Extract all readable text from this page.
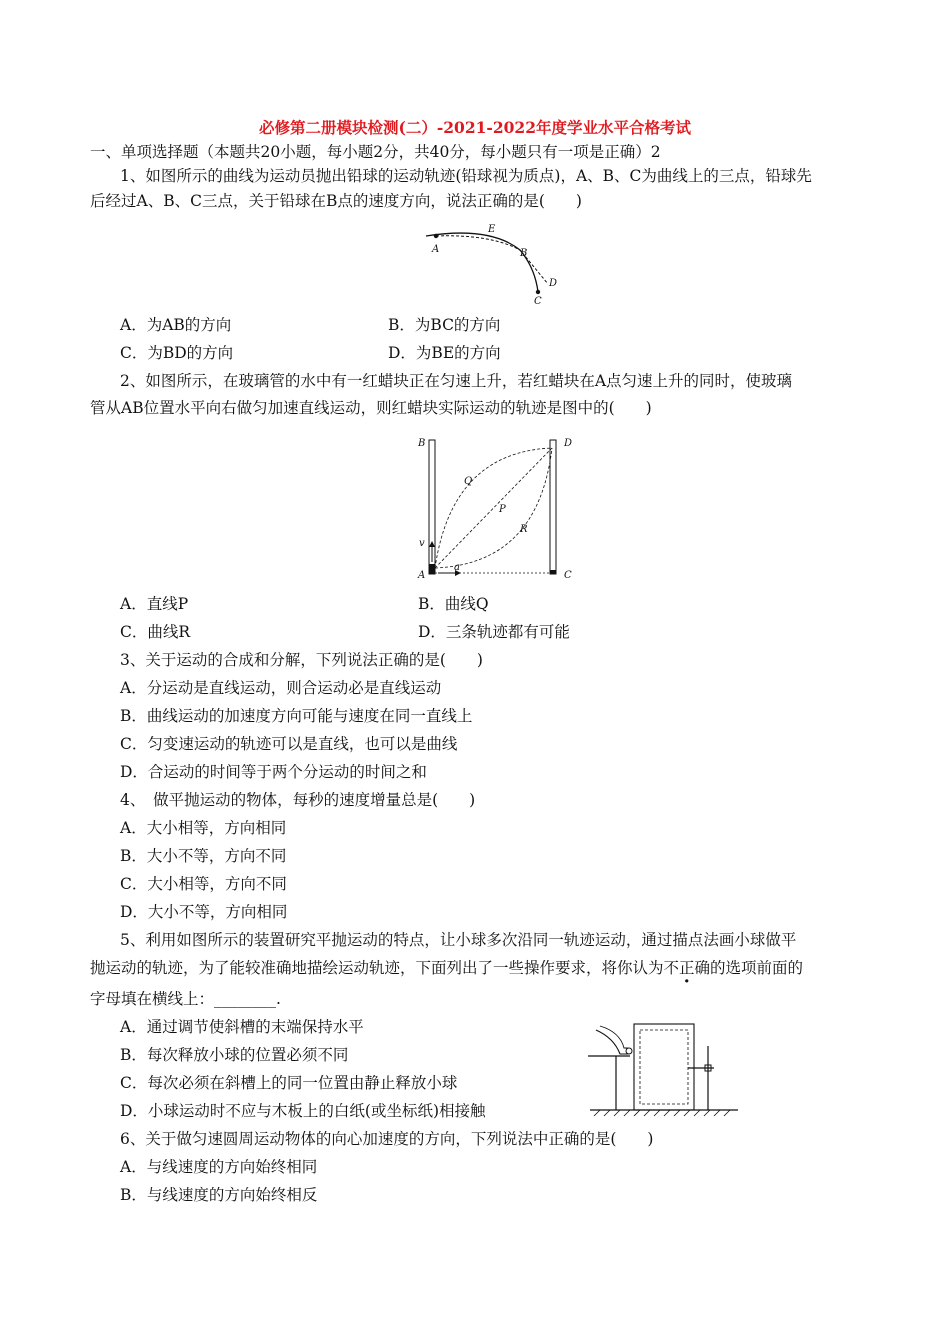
必修第二册模块检测(二）-2021-2022年度学业水平合格考试
一、单项选择题（本题共20小题，每小题2分，共40分，每小题只有一项是正确）2
1、如图所示的曲线为运动员抛出铅球的运动轨迹(铅球视为质点)，A、B、C为曲线上的三点，铅球先
后经过A、B、C三点，关于铅球在B点的速度方向，说法正确的是(　　)
A
E
B
D
C
A．为AB的方向	B．为BC的方向
C．为BD的方向	D．为BE的方向
2、如图所示，在玻璃管的水中有一红蜡块正在匀速上升，若红蜡块在A点匀速上升的同时，使玻璃
管从AB位置水平向右做匀加速直线运动，则红蜡块实际运动的轨迹是图中的(　　)
B	D
Q
P
R
v
A
a
C
A．直线P	B．曲线Q
C．曲线R	D．三条轨迹都有可能
3、关于运动的合成和分解，下列说法正确的是(　　)
A．分运动是直线运动，则合运动必是直线运动
B．曲线运动的加速度方向可能与速度在同一直线上
C．匀变速运动的轨迹可以是直线，也可以是曲线
D．合运动的时间等于两个分运动的时间之和
4、　做平抛运动的物体，每秒的速度增量总是(　　)
A．大小相等，方向相同
B．大小不等，方向不同
C．大小相等，方向不同
D．大小不等，方向相同
5、利用如图所示的装置研究平抛运动的特点，让小球多次沿同一轨迹运动，通过描点法画小球做平
抛运动的轨迹，为了能较准确地描绘运动轨迹，下面列出了一些操作要求，将你认为不正确的选项前面的
字母填在横线上：________.
A．通过调节使斜槽的末端保持水平
B．每次释放小球的位置必须不同
C．每次必须在斜槽上的同一位置由静止释放小球
D．小球运动时不应与木板上的白纸(或坐标纸)相接触
6、关于做匀速圆周运动物体的向心加速度的方向，下列说法中正确的是(　　)
A．与线速度的方向始终相同
B．与线速度的方向始终相反
